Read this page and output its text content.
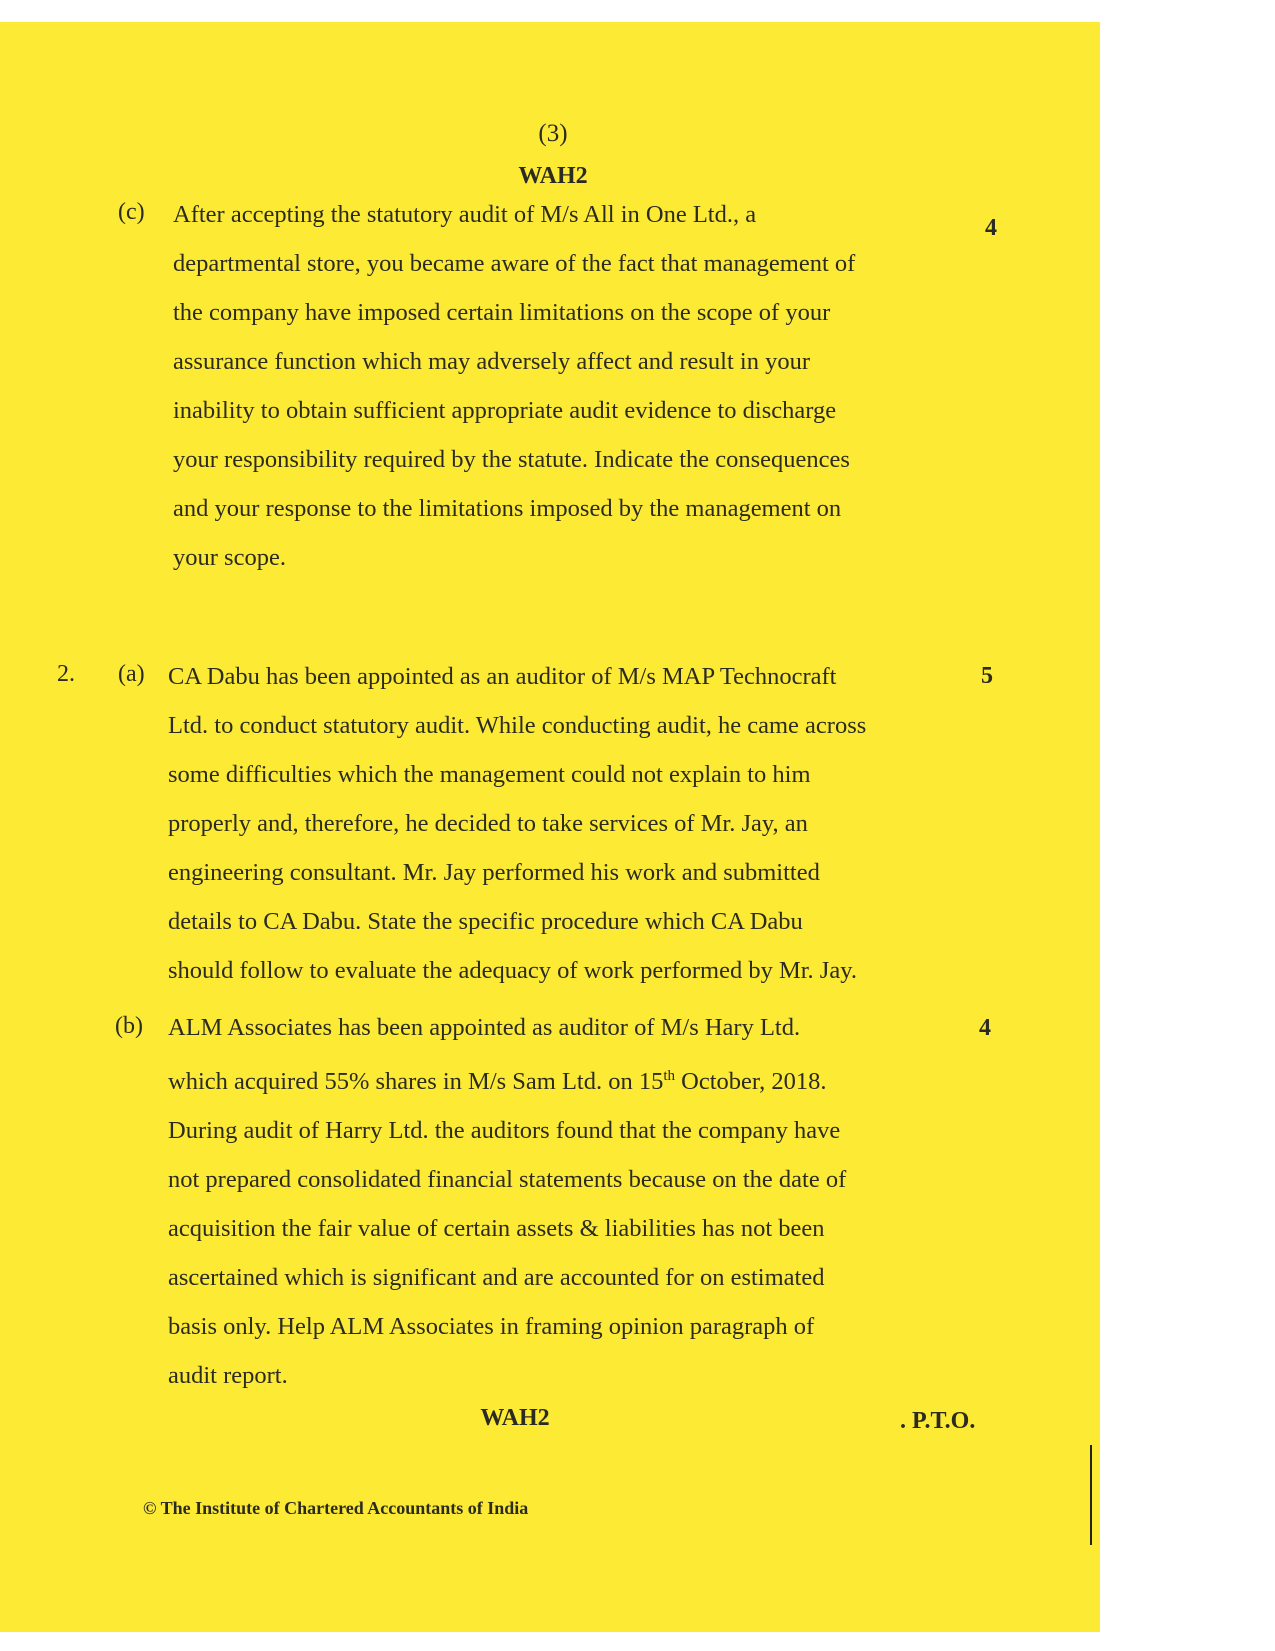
(3)
WAH2
(c)
4
After accepting the statutory audit of M/s All in One Ltd., a
departmental store, you became aware of the fact that management of
the company have imposed certain limitations on the scope of your
assurance function which may adversely affect and result in your
inability to obtain sufficient appropriate audit evidence to discharge
your responsibility required by the statute. Indicate the consequences
and your response to the limitations imposed by the management on
your scope.
2. (a)	5
CA Dabu has been appointed as an auditor of M/s MAP Technocraft
Ltd. to conduct statutory audit. While conducting audit, he came across
some difficulties which the management could not explain to him
properly and, therefore, he decided to take services of Mr. Jay, an
engineering consultant. Mr. Jay performed his work and submitted
details to CA Dabu. State the specific procedure which CA Dabu
should follow to evaluate the adequacy of work performed by Mr. Jay.
(b)	4
ALM Associates has been appointed as auditor of M/s Hary Ltd.
which acquired 55% shares in M/s Sam Ltd. on 15th October, 2018.
During audit of Harry Ltd. the auditors found that the company have
not prepared consolidated financial statements because on the date of
acquisition the fair value of certain assets & liabilities has not been
ascertained which is significant and are accounted for on estimated
basis only. Help ALM Associates in framing opinion paragraph of
audit report.
WAH2	. P.T.O.
© The Institute of Chartered Accountants of India
